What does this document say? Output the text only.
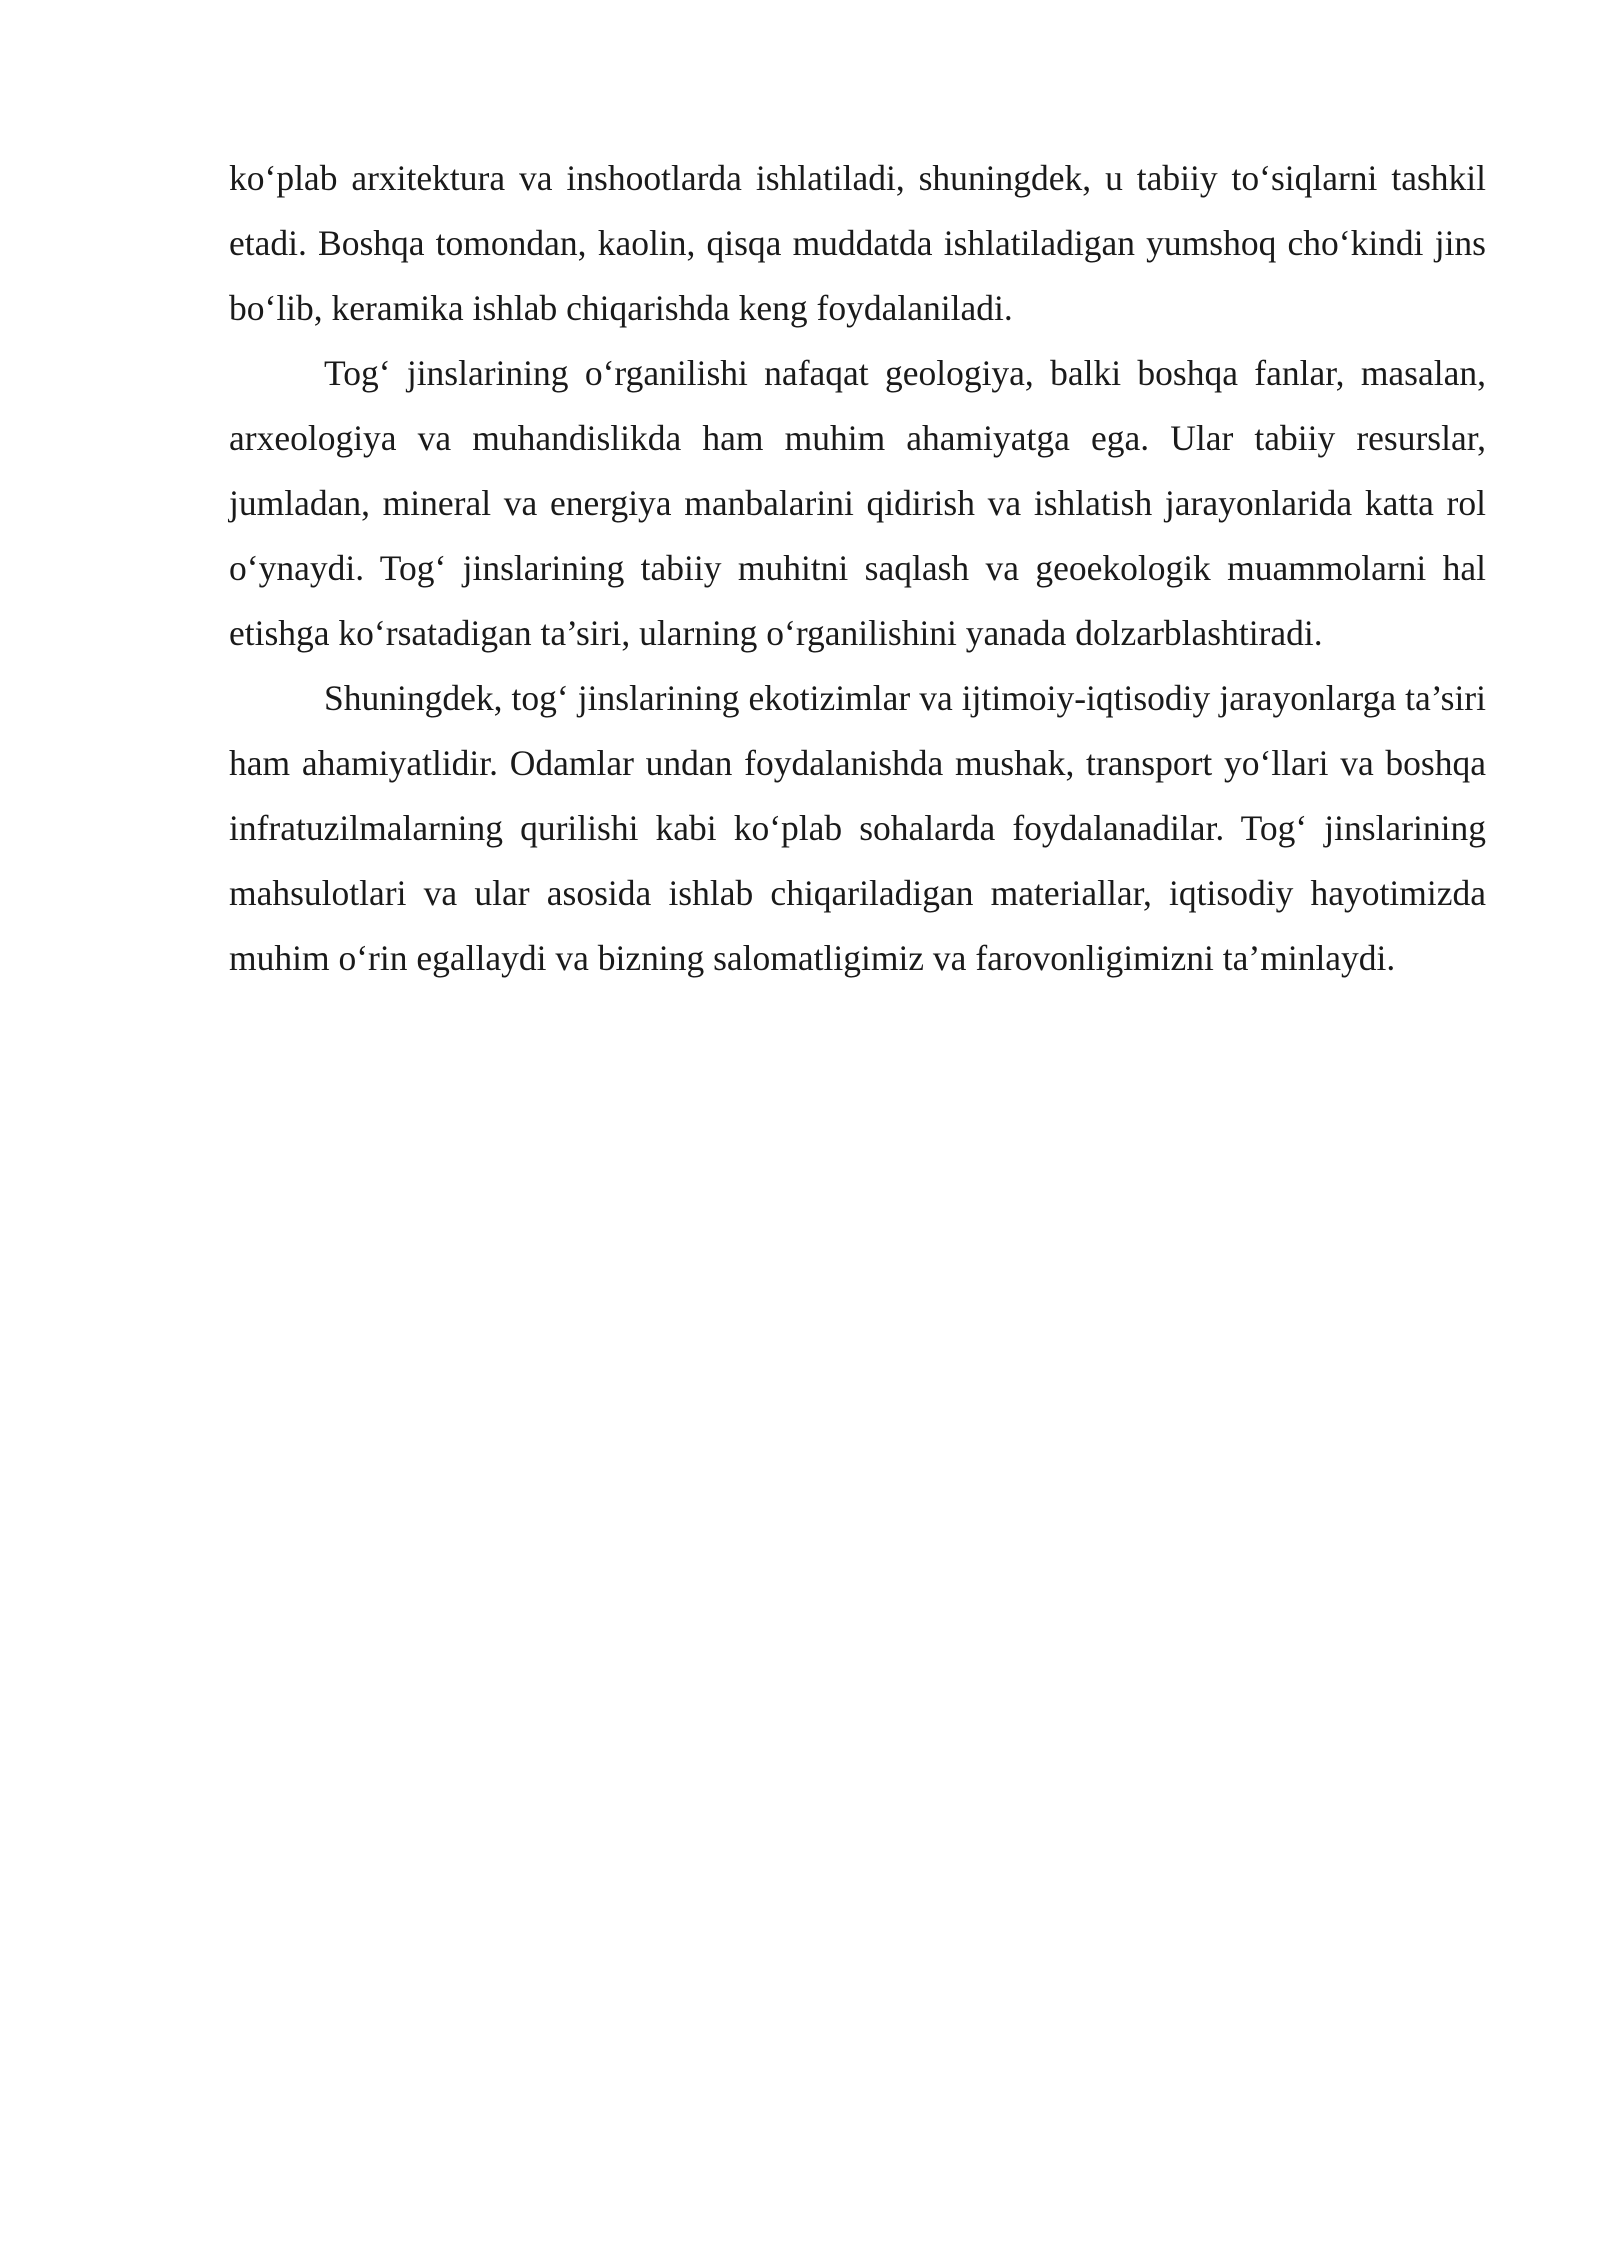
ko‘plab arxitektura va inshootlarda ishlatiladi, shuningdek, u tabiiy to‘siqlarni tashkil etadi. Boshqa tomondan, kaolin, qisqa muddatda ishlatiladigan yumshoq cho‘kindi jins bo‘lib, keramika ishlab chiqarishda keng foydalaniladi.

Tog‘ jinslarining o‘rganilishi nafaqat geologiya, balki boshqa fanlar, masalan, arxeologiya va muhandislikda ham muhim ahamiyatga ega. Ular tabiiy resurslar, jumladan, mineral va energiya manbalarini qidirish va ishlatish jarayonlarida katta rol o‘ynaydi. Tog‘ jinslarining tabiiy muhitni saqlash va geoekologik muammolarni hal etishga ko‘rsatadigan ta’siri, ularning o‘rganilishini yanada dolzarblashtiradi.

Shuningdek, tog‘ jinslarining ekotizimlar va ijtimoiy-iqtisodiy jarayonlarga ta’siri ham ahamiyatlidir. Odamlar undan foydalanishda mushak, transport yo‘llari va boshqa infratuzilmalarning qurilishi kabi ko‘plab sohalarda foydalanadilar. Tog‘ jinslarining mahsulotlari va ular asosida ishlab chiqariladigan materiallar, iqtisodiy hayotimizda muhim o‘rin egallaydi va bizning salomatligimiz va farovonligimizni ta’minlaydi.
